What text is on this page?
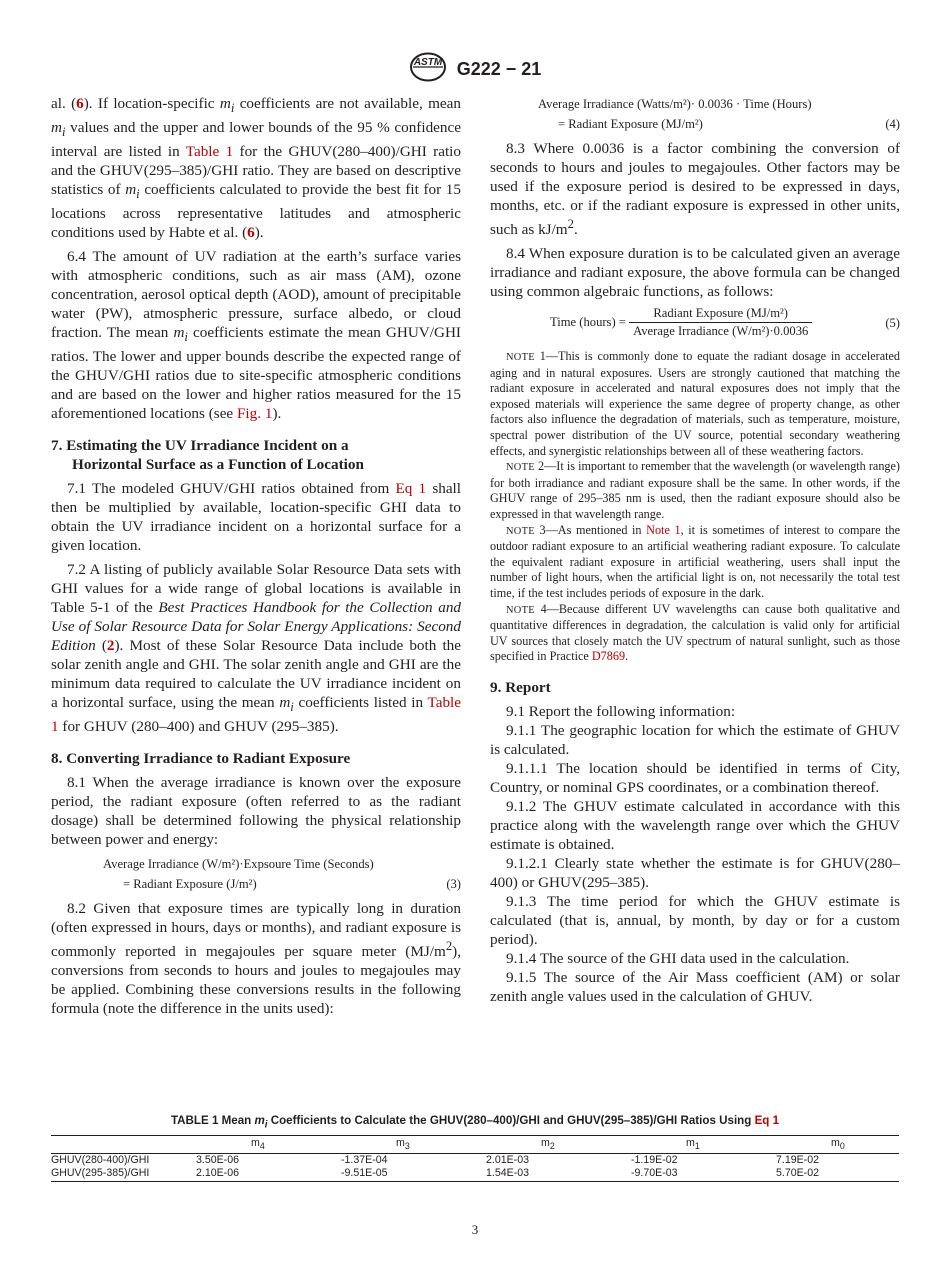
ASTM G222 − 21

al. (6). If location-specific $m_i$ coefficients are not available, mean $m_i$ values and the upper and lower bounds of the 95 % confidence interval are listed in Table 1 for the GHUV(280–400)/GHI ratio and the GHUV(295–385)/GHI ratio. They are based on descriptive statistics of $m_i$ coefficients calculated to provide the best fit for 15 locations across representative latitudes and atmospheric conditions used by Habte et al. (6).

6.4 The amount of UV radiation at the earth’s surface varies with atmospheric conditions, such as air mass (AM), ozone concentration, aerosol optical depth (AOD), amount of precipitable water (PW), atmospheric pressure, surface albedo, or cloud fraction. The mean $m_i$ coefficients estimate the mean GHUV/GHI ratios. The lower and upper bounds describe the expected range of the GHUV/GHI ratios due to site-specific atmospheric conditions and are based on the lower and higher ratios measured for the 15 aforementioned locations (see Fig. 1).

7. Estimating the UV Irradiance Incident on a
Horizontal Surface as a Function of Location

7.1 The modeled GHUV/GHI ratios obtained from Eq 1 shall then be multiplied by available, location-specific GHI data to obtain the UV irradiance incident on a horizontal surface for a given location.

7.2 A listing of publicly available Solar Resource Data sets with GHI values for a wide range of global locations is available in Table 5-1 of the Best Practices Handbook for the Collection and Use of Solar Resource Data for Solar Energy Applications: Second Edition (2). Most of these Solar Resource Data include both the solar zenith angle and GHI. The solar zenith angle and GHI are the minimum data required to calculate the UV irradiance incident on a horizontal surface, using the mean $m_i$ coefficients listed in Table 1 for GHUV (280–400) and GHUV (295–385).

8. Converting Irradiance to Radiant Exposure

8.1 When the average irradiance is known over the exposure period, the radiant exposure (often referred to as the radiant dosage) shall be determined following the physical relationship between power and energy:

Average Irradiance (W/m²)·Expsoure Time (Seconds)
= Radiant Exposure (J/m²)	(3)

8.2 Given that exposure times are typically long in duration (often expressed in hours, days or months), and radiant exposure is commonly reported in megajoules per square meter $(MJ/m^2)$, conversions from seconds to hours and joules to megajoules may be applied. Combining these conversions results in the following formula (note the difference in the units used):

Average Irradiance (Watts/m²)· 0.0036 · Time (Hours)
= Radiant Exposure (MJ/m²)	(4)

8.3 Where 0.0036 is a factor combining the conversion of seconds to hours and joules to megajoules. Other factors may be used if the exposure period is desired to be expressed in days, months, etc. or if the radiant exposure is expressed in other units, such as $kJ/m^2$.

8.4 When exposure duration is to be calculated given an average irradiance and radiant exposure, the above formula can be changed using common algebraic functions, as follows:

Time (hours) = $\frac{\text{Radiant Exposure (MJ/m²)}}{\text{Average Irradiance (W/m²)·0.0036}}$	(5)

NOTE 1—This is commonly done to equate the radiant dosage in accelerated aging and in natural exposures. Users are strongly cautioned that matching the radiant exposure in accelerated and natural exposures does not imply that the exposed materials will experience the same degree of property change, as other factors also influence the degradation of materials, such as temperature, moisture, spectral power distribution of the UV source, potential secondary weathering effects, and synergistic relationships between all of these weathering factors.

NOTE 2—It is important to remember that the wavelength (or wavelength range) for both irradiance and radiant exposure shall be the same. In other words, if the GHUV range of 295–385 nm is used, then the radiant exposure should also be expressed in that wavelength range.

NOTE 3—As mentioned in Note 1, it is sometimes of interest to compare the outdoor radiant exposure to an artificial weathering radiant exposure. To calculate the equivalent radiant exposure in artificial weathering, users shall input the number of light hours, when the artificial light is on, not necessarily the total test time, if the test includes periods of exposure in the dark.

NOTE 4—Because different UV wavelengths can cause both qualitative and quantitative differences in degradation, the calculation is valid only for artificial UV sources that closely match the UV spectrum of natural sunlight, such as those specified in Practice D7869.

9. Report

9.1 Report the following information:

9.1.1 The geographic location for which the estimate of GHUV is calculated.

9.1.1.1 The location should be identified in terms of City, Country, or nominal GPS coordinates, or a combination thereof.

9.1.2 The GHUV estimate calculated in accordance with this practice along with the wavelength range over which the GHUV estimate is obtained.

9.1.2.1 Clearly state whether the estimate is for GHUV(280–400) or GHUV(295–385).

9.1.3 The time period for which the GHUV estimate is calculated (that is, annual, by month, by day or for a custom period).

9.1.4 The source of the GHI data used in the calculation.

9.1.5 The source of the Air Mass coefficient (AM) or solar zenith angle values used in the calculation of GHUV.

TABLE 1 Mean $m_i$ Coefficients to Calculate the GHUV(280–400)/GHI and GHUV(295–385)/GHI Ratios Using Eq 1
	$m_4$	$m_3$	$m_2$	$m_1$	$m_0$
GHUV(280-400)/GHI	3.50E-06	-1.37E-04	2.01E-03	-1.19E-02	7.19E-02
GHUV(295-385)/GHI	2.10E-06	-9.51E-05	1.54E-03	-9.70E-03	5.70E-02
3
